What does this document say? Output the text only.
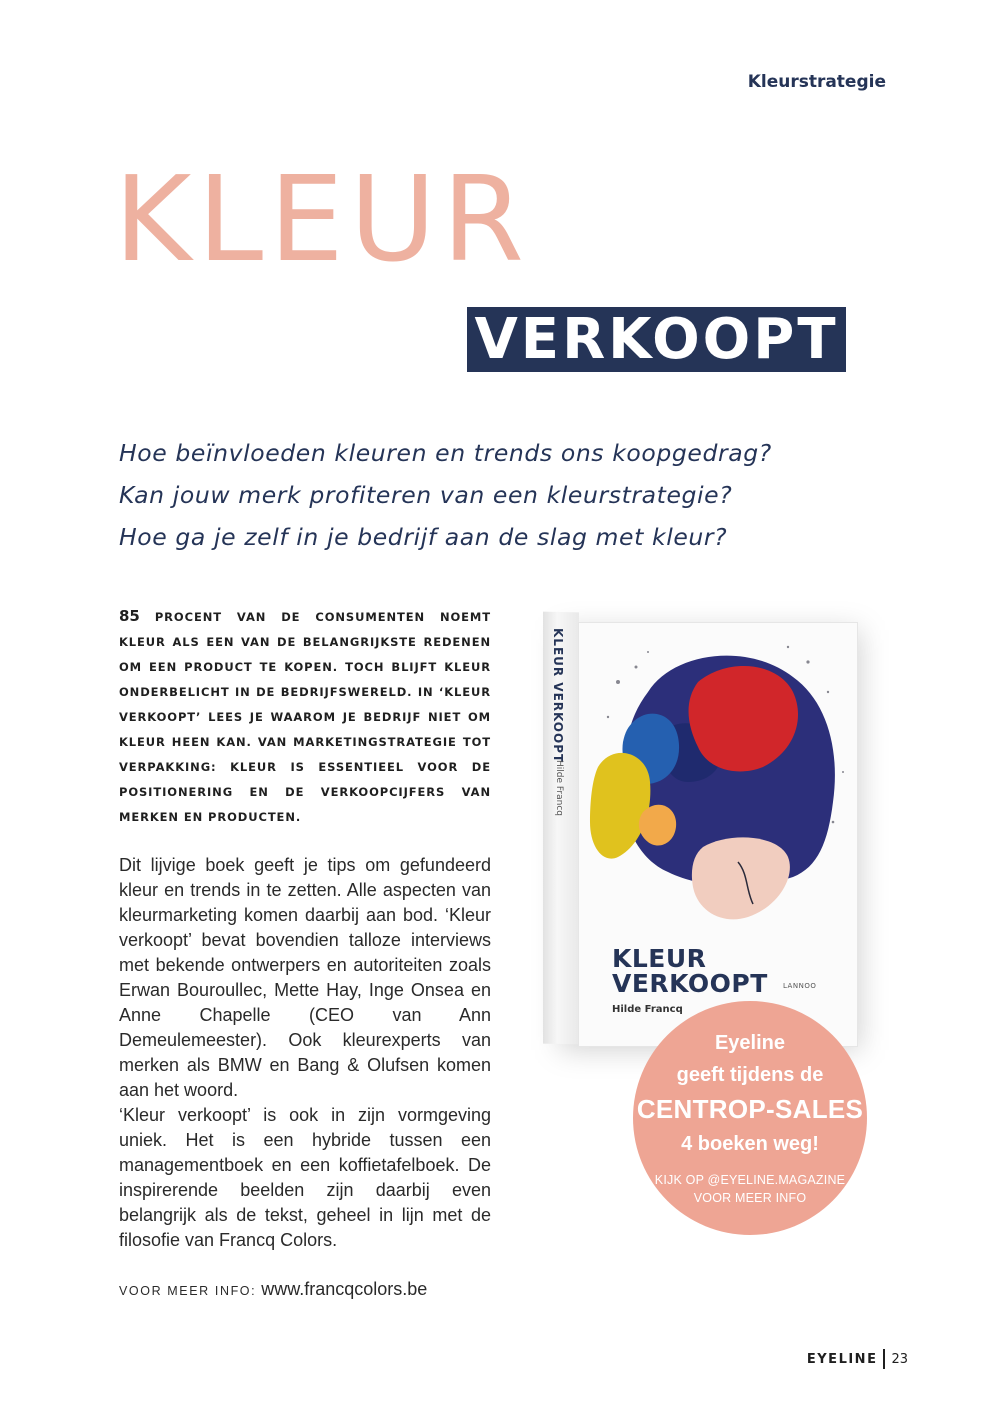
Kleurstrategie
KLEUR
VERKOOPT
Hoe beïnvloeden kleuren en trends ons koopgedrag?
Kan jouw merk profiteren van een kleurstrategie?
Hoe ga je zelf in je bedrijf aan de slag met kleur?

85 PROCENT VAN DE CONSUMENTEN NOEMT KLEUR ALS EEN VAN DE BELANGRIJKSTE REDENEN OM EEN PRODUCT TE KOPEN. TOCH BLIJFT KLEUR ONDERBELICHT IN DE BEDRIJFSWERELD. IN ‘KLEUR VERKOOPT’ LEES JE WAAROM JE BEDRIJF NIET OM KLEUR HEEN KAN. VAN MARKETINGSTRATEGIE TOT VERPAKKING: KLEUR IS ESSENTIEEL VOOR DE POSITIONERING EN DE VERKOOPCIJFERS VAN MERKEN EN PRODUCTEN.

Dit lijvige boek geeft je tips om gefundeerd kleur en trends in te zetten. Alle aspecten van kleurmarketing komen daarbij aan bod. ‘Kleur verkoopt’ bevat bovendien talloze interviews met bekende ontwerpers en autoriteiten zoals Erwan Bouroullec, Mette Hay, Inge Onsea en Anne Chapelle (CEO van Ann Demeulemeester). Ook kleurexperts van merken als BMW en Bang & Olufsen komen aan het woord.

‘Kleur verkoopt’ is ook in zijn vormgeving uniek. Het is een hybride tussen een managementboek en een koffietafelboek. De inspirerende beelden zijn daarbij even belangrijk als de tekst, geheel in lijn met de filosofie van Francq Colors.

VOOR MEER INFO: www.francqcolors.be
KLEUR VERKOOPT
Hilde Francq
KLEUR
VERKOOPT
Hilde Francq
LANNOO
Eyeline
geeft tijdens de
CENTROP-SALES
4 boeken weg!
KIJK OP @EYELINE.MAGAZINE
VOOR MEER INFO
EYELINE 23
